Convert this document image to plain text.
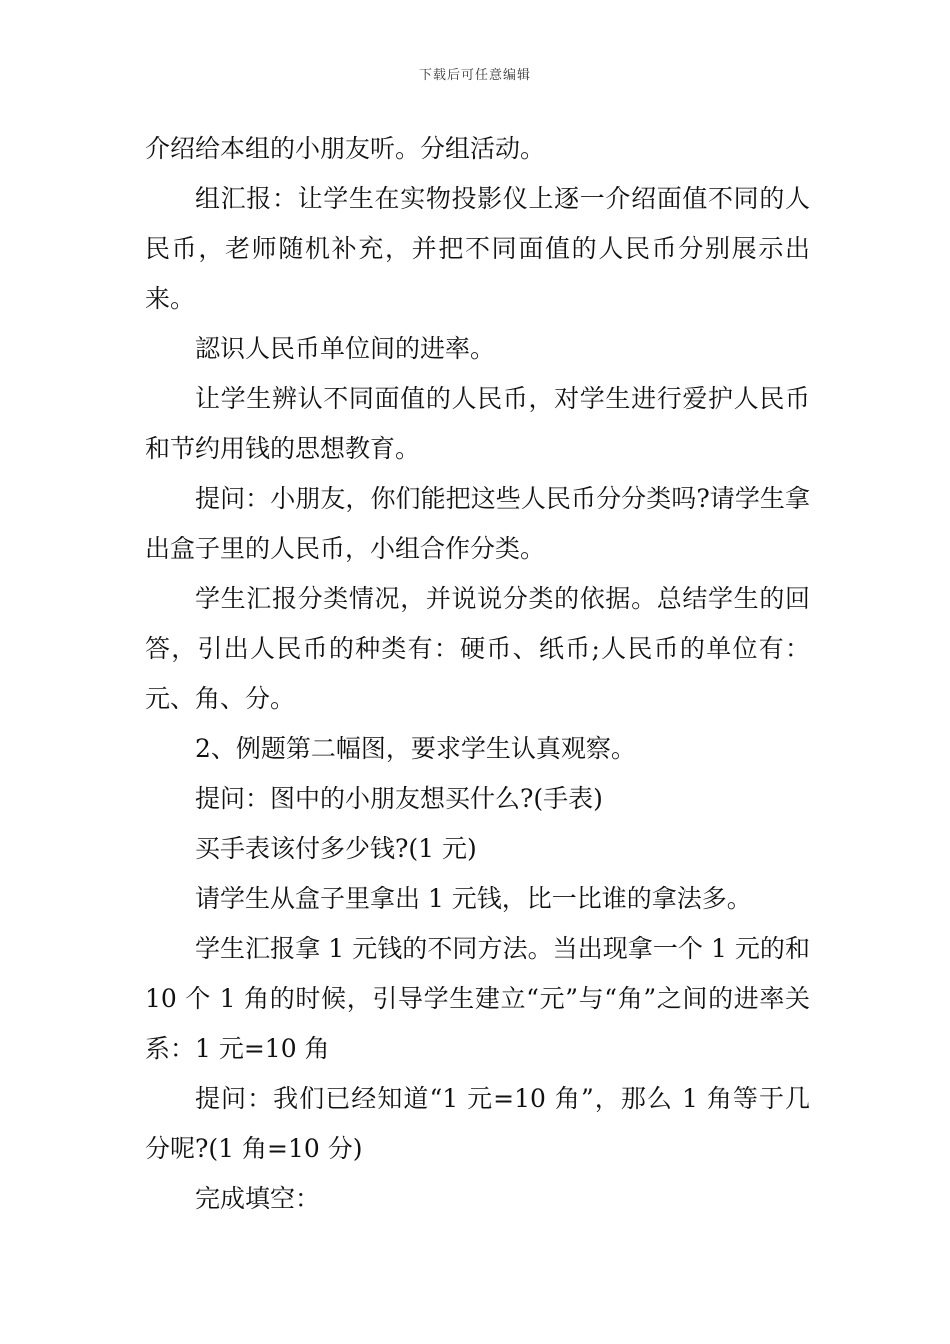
下载后可任意编辑

介绍给本组的小朋友听。分组活动。

组汇报：让学生在实物投影仪上逐一介绍面值不同的人民币，老师随机补充，并把不同面值的人民币分别展示出来。

認识人民币单位间的进率。

让学生辨认不同面值的人民币，对学生进行爱护人民币和节约用钱的思想教育。

提问：小朋友，你们能把这些人民币分分类吗?请学生拿出盒子里的人民币，小组合作分类。

学生汇报分类情况，并说说分类的依据。总结学生的回答，引出人民币的种类有：硬币、纸币;人民币的单位有：元、角、分。

2、例题第二幅图，要求学生认真观察。

提问：图中的小朋友想买什么?(手表)

买手表该付多少钱?(1 元)

请学生从盒子里拿出 1 元钱，比一比谁的拿法多。

学生汇报拿 1 元钱的不同方法。当出现拿一个 1 元的和 10 个 1 角的时候，引导学生建立“元”与“角”之间的进率关系：1 元=10 角

提问：我们已经知道“1 元=10 角”，那么 1 角等于几分呢?(1 角=10 分)

完成填空：
